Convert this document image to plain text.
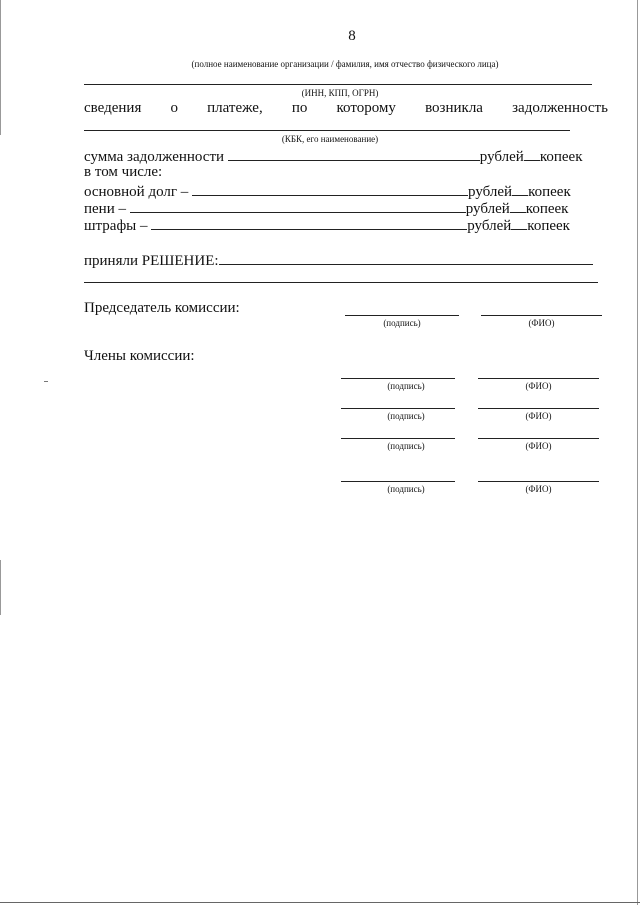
8
(полное наименование организации / фамилия, имя отчество физического лица)
(ИНН, КПП, ОГРН)
сведения о платеже, по которому возникла задолженность
(КБК, его наименование)
сумма задолженности	рублей копеек
в том числе:
основной долг –	рублей копеек
пени –	рублей копеек
штрафы –	рублей копеек
приняли РЕШЕНИЕ:
Председатель комиссии:
(подпись)	(ФИО)
Члены комиссии:
(подпись)	(ФИО)
(подпись)	(ФИО)
(подпись)	(ФИО)
(подпись)	(ФИО)
